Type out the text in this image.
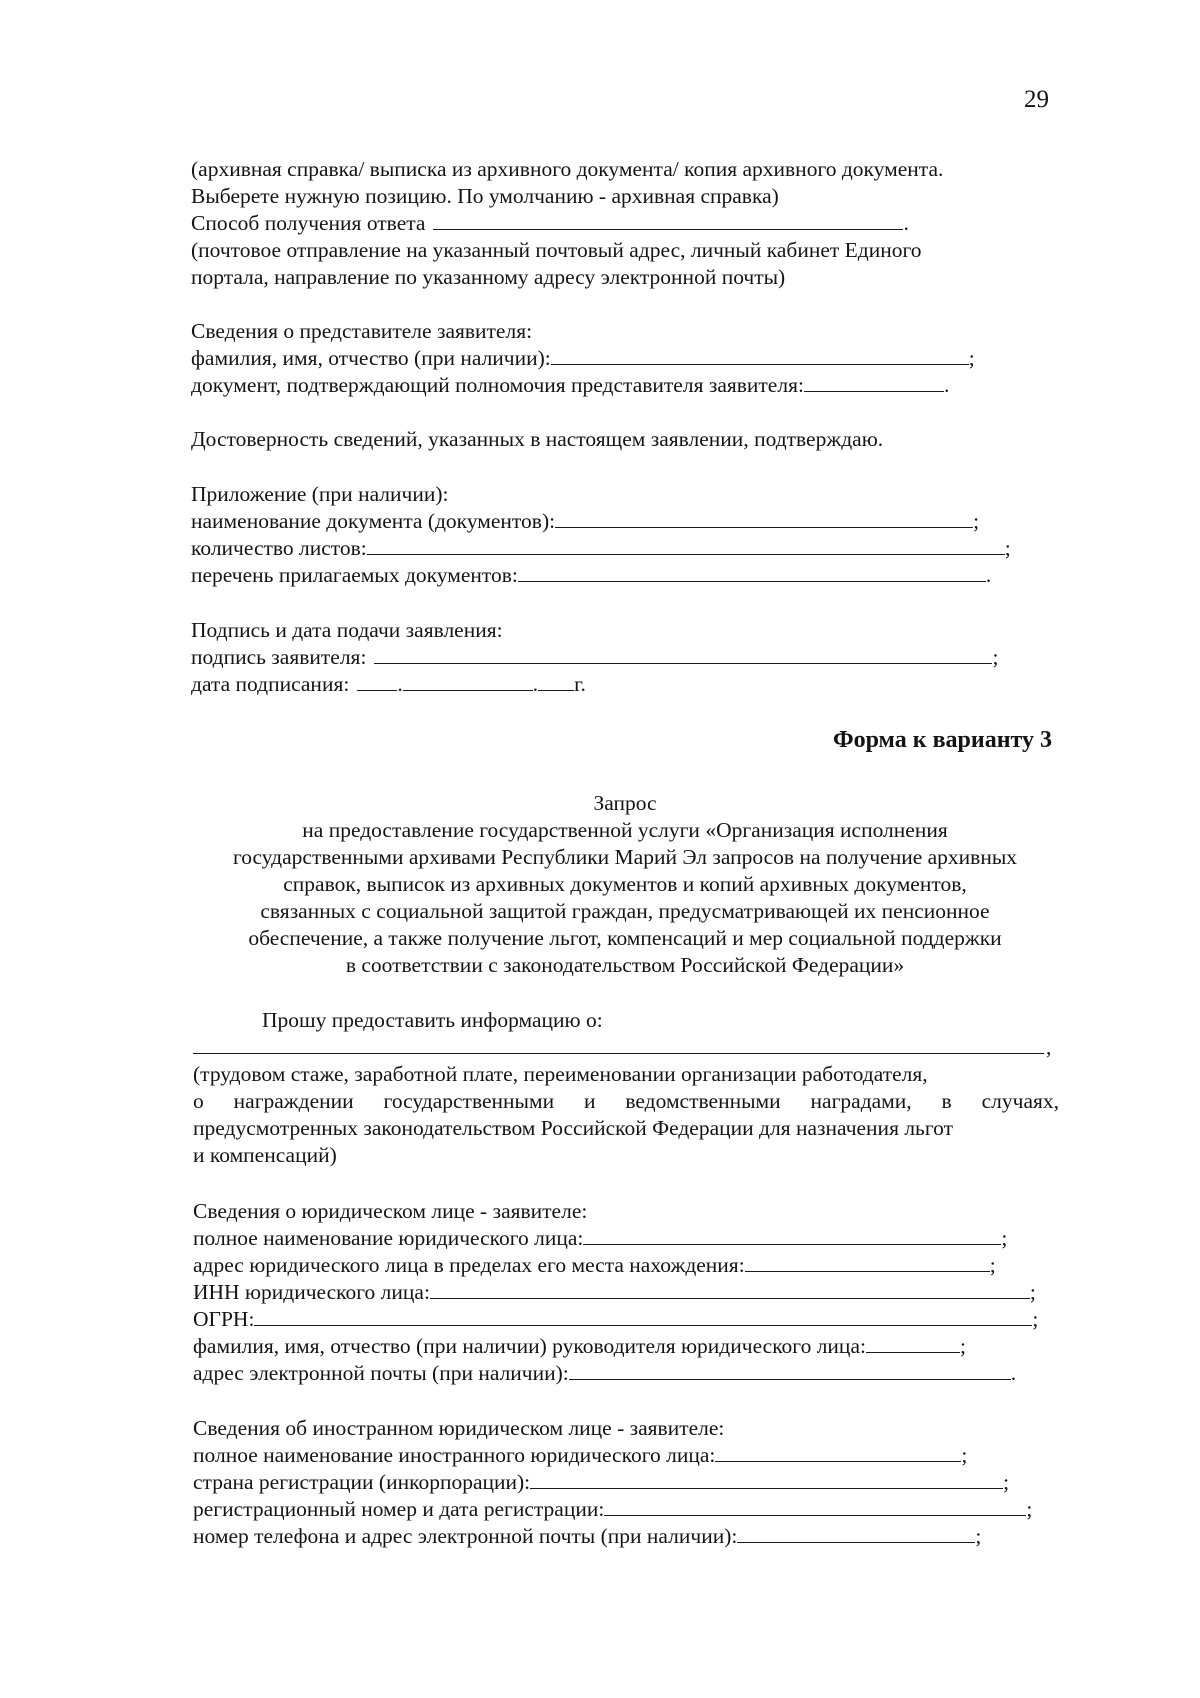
29
(архивная справка/ выписка из архивного документа/ копия архивного документа.
Выберете нужную позицию. По умолчанию - архивная справка)
Способ получения ответа	.
(почтовое отправление на указанный почтовый адрес, личный кабинет Единого
портала, направление по указанному адресу электронной почты)
Сведения о представителе заявителя:
фамилия, имя, отчество (при наличии):	;
документ, подтверждающий полномочия представителя заявителя:	.
Достоверность сведений, указанных в настоящем заявлении, подтверждаю.
Приложение (при наличии):
наименование документа (документов):	;
количество листов:	;
перечень прилагаемых документов:	.
Подпись и дата подачи заявления:
подпись заявителя:	;
дата подписания: .	. г.
Форма к варианту 3
Запрос
на предоставление государственной услуги «Организация исполнения
государственными архивами Республики Марий Эл запросов на получение архивных
справок, выписок из архивных документов и копий архивных документов,
связанных с социальной защитой граждан, предусматривающей их пенсионное
обеспечение, а также получение льгот, компенсаций и мер социальной поддержки
в соответствии с законодательством Российской Федерации»
Прошу предоставить информацию о:
,
(трудовом стаже, заработной плате, переименовании организации работодателя,
о награждении государственными и ведомственными наградами, в случаях,
предусмотренных законодательством Российской Федерации для назначения льгот
и компенсаций)
Сведения о юридическом лице - заявителе:
полное наименование юридического лица:	;
адрес юридического лица в пределах его места нахождения:	;
ИНН юридического лица:	;
ОГРН:	;
фамилия, имя, отчество (при наличии) руководителя юридического лица:	;
адрес электронной почты (при наличии):	.
Сведения об иностранном юридическом лице - заявителе:
полное наименование иностранного юридического лица:	;
страна регистрации (инкорпорации):	;
регистрационный номер и дата регистрации:	;
номер телефона и адрес электронной почты (при наличии):	;
